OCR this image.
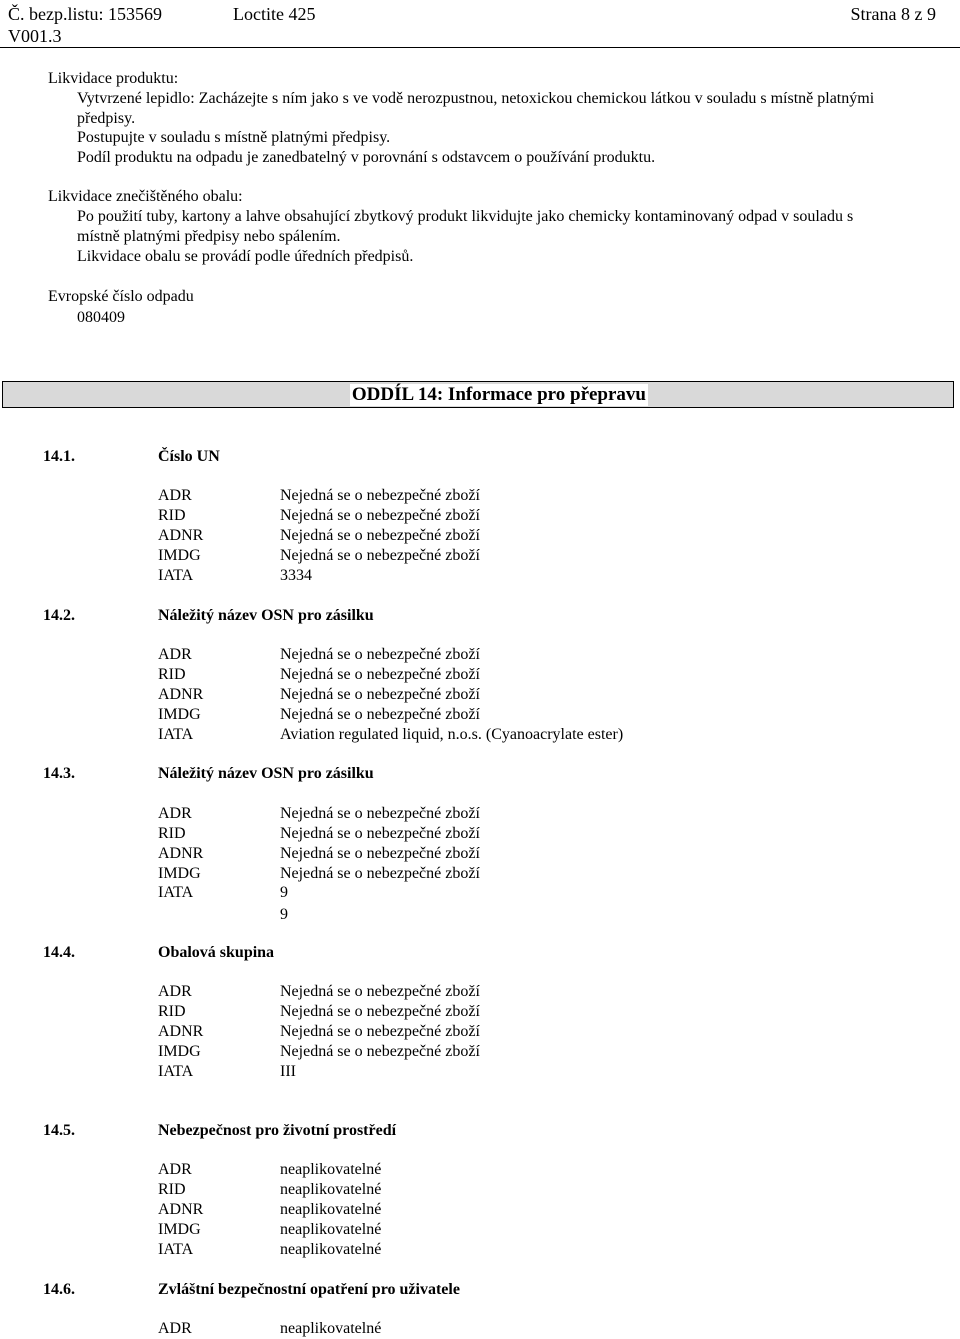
Č. bezp.listu: 153569	Loctite 425	Strana 8 z 9
V001.3
Likvidace produktu:
Vytvrzené lepidlo: Zacházejte s ním jako s ve vodě nerozpustnou, netoxickou chemickou látkou v souladu s místně platnými
předpisy.
Postupujte v souladu s místně platnými předpisy.
Podíl produktu na odpadu je zanedbatelný v porovnání s odstavcem o používání produktu.
Likvidace znečištěného obalu:
Po použití tuby, kartony a lahve obsahující zbytkový produkt likvidujte jako chemicky kontaminovaný odpad v souladu s
místně platnými předpisy nebo spálením.
Likvidace obalu se provádí podle úředních předpisů.
Evropské číslo odpadu
080409
ODDÍL 14: Informace pro přepravu
14.1.	Číslo UN
ADR	Nejedná se o nebezpečné zboží
RID	Nejedná se o nebezpečné zboží
ADNR	Nejedná se o nebezpečné zboží
IMDG	Nejedná se o nebezpečné zboží
IATA	3334
14.2.	Náležitý název OSN pro zásilku
ADR	Nejedná se o nebezpečné zboží
RID	Nejedná se o nebezpečné zboží
ADNR	Nejedná se o nebezpečné zboží
IMDG	Nejedná se o nebezpečné zboží
IATA	Aviation regulated liquid, n.o.s. (Cyanoacrylate ester)
14.3.	Náležitý název OSN pro zásilku
ADR	Nejedná se o nebezpečné zboží
RID	Nejedná se o nebezpečné zboží
ADNR	Nejedná se o nebezpečné zboží
IMDG	Nejedná se o nebezpečné zboží
IATA	9
9
14.4.	Obalová skupina
ADR	Nejedná se o nebezpečné zboží
RID	Nejedná se o nebezpečné zboží
ADNR	Nejedná se o nebezpečné zboží
IMDG	Nejedná se o nebezpečné zboží
IATA	III
14.5.	Nebezpečnost pro životní prostředí
ADR	neaplikovatelné
RID	neaplikovatelné
ADNR	neaplikovatelné
IMDG	neaplikovatelné
IATA	neaplikovatelné
14.6.	Zvláštní bezpečnostní opatření pro uživatele
ADR	neaplikovatelné
